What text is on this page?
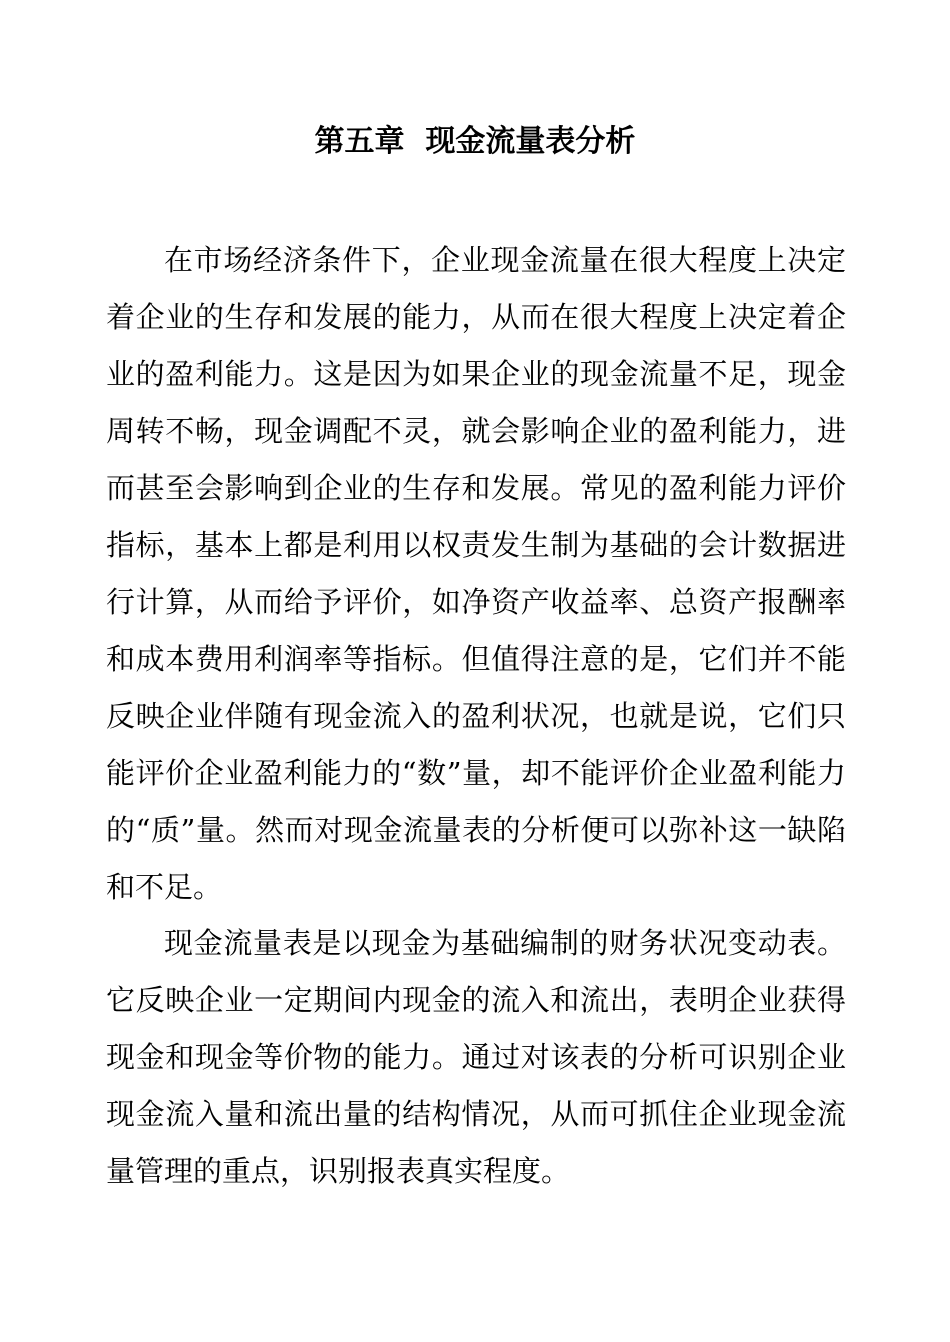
第五章 现金流量表分析

在市场经济条件下，企业现金流量在很大程度上决定着企业的生存和发展的能力，从而在很大程度上决定着企业的盈利能力。这是因为如果企业的现金流量不足，现金周转不畅，现金调配不灵，就会影响企业的盈利能力，进而甚至会影响到企业的生存和发展。常见的盈利能力评价指标，基本上都是利用以权责发生制为基础的会计数据进行计算，从而给予评价，如净资产收益率、总资产报酬率和成本费用利润率等指标。但值得注意的是，它们并不能反映企业伴随有现金流入的盈利状况，也就是说，它们只能评价企业盈利能力的“数”量，却不能评价企业盈利能力的“质”量。然而对现金流量表的分析便可以弥补这一缺陷和不足。

现金流量表是以现金为基础编制的财务状况变动表。它反映企业一定期间内现金的流入和流出，表明企业获得现金和现金等价物的能力。通过对该表的分析可识别企业现金流入量和流出量的结构情况，从而可抓住企业现金流量管理的重点，识别报表真实程度。
